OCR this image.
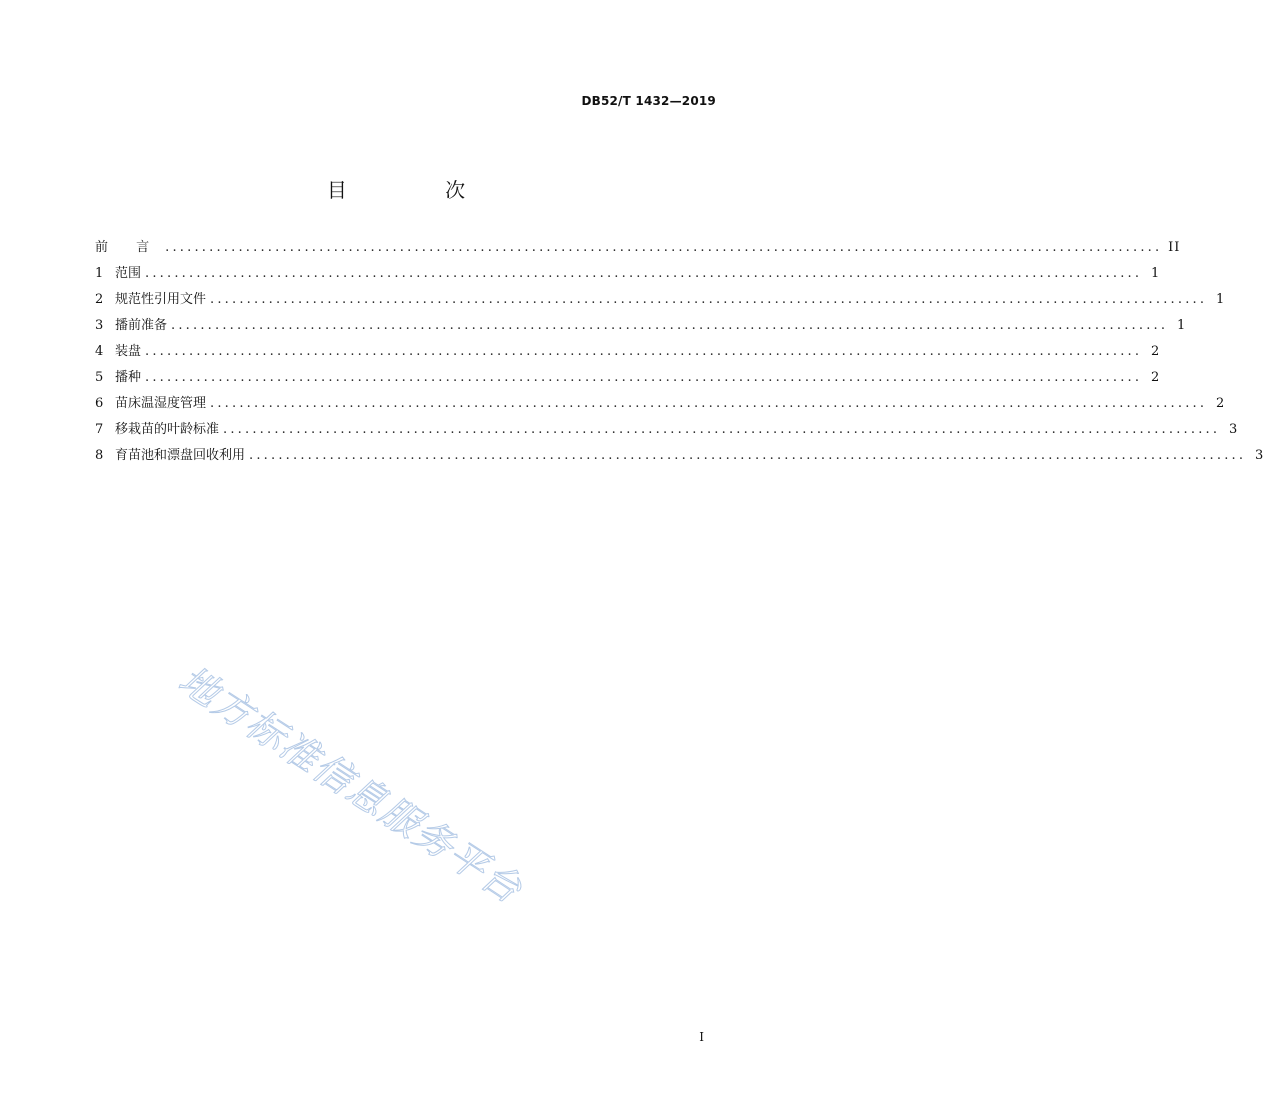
DB52/T 1432—2019
目 次
前 言 ........................................................................................................................................ II
1 范围 ........................................................................................................................................ 1
2 规范性引用文件 ........................................................................................................................................ 1
3 播前准备 ........................................................................................................................................ 1
4 装盘 ........................................................................................................................................ 2
5 播种 ........................................................................................................................................ 2
6 苗床温湿度管理 ........................................................................................................................................ 2
7 移栽苗的叶龄标准 ........................................................................................................................................ 3
8 育苗池和漂盘回收利用 ........................................................................................................................................ 3
地方标准信息服务平台
I
